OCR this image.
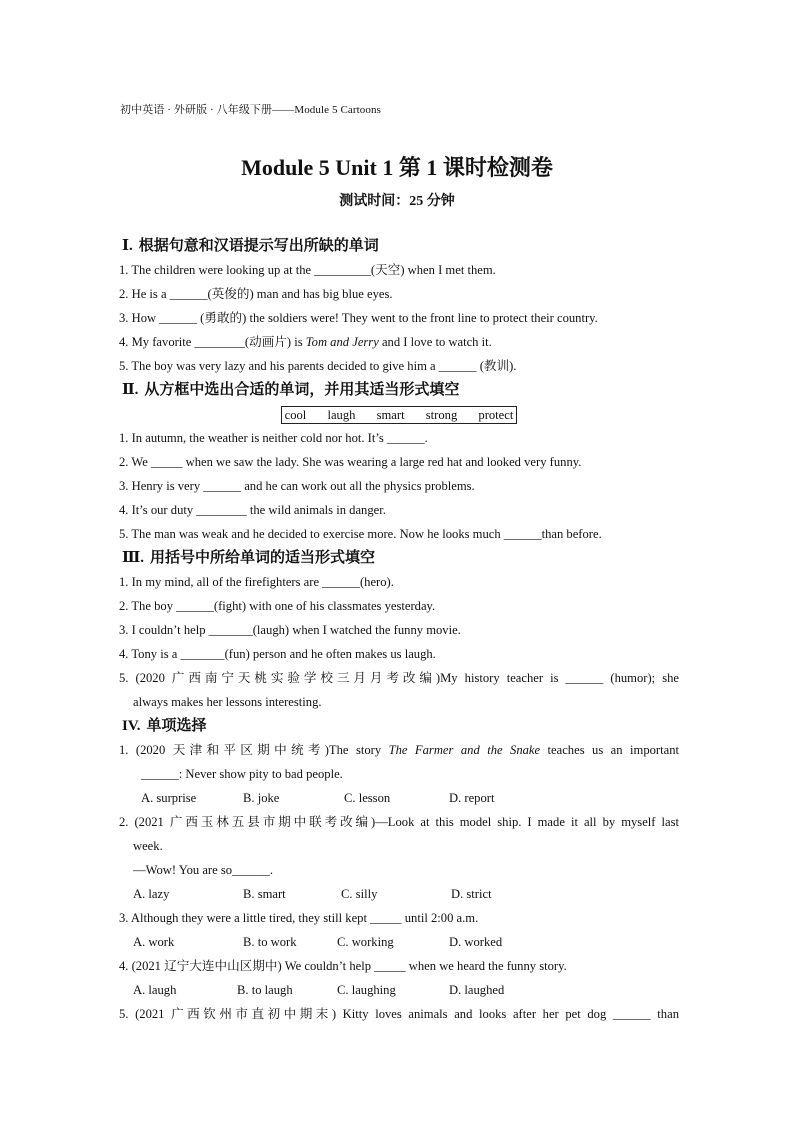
初中英语 · 外研版 · 八年级下册——Module 5 Cartoons
Module 5 Unit 1 第 1 课时检测卷
测试时间：25 分钟
Ⅰ. 根据句意和汉语提示写出所缺的单词
1. The children were looking up at the _________(天空) when I met them.
2. He is a ______(英俊的) man and has big blue eyes.
3. How ______ (勇敢的) the soldiers were! They went to the front line to protect their country.
4. My favorite ________(动画片) is Tom and Jerry and I love to watch it.
5. The boy was very lazy and his parents decided to give him a ______ (教训).
Ⅱ. 从方框中选出合适的单词，并用其适当形式填空
cool laugh smart strong protect
1. In autumn, the weather is neither cold nor hot. It’s ______.
2. We _____ when we saw the lady. She was wearing a large red hat and looked very funny.
3. Henry is very ______ and he can work out all the physics problems.
4. It’s our duty ________ the wild animals in danger.
5. The man was weak and he decided to exercise more. Now he looks much ______than before.
Ⅲ. 用括号中所给单词的适当形式填空
1. In my mind, all of the firefighters are ______(hero).
2. The boy ______(fight) with one of his classmates yesterday.
3. I couldn’t help _______(laugh) when I watched the funny movie.
4. Tony is a _______(fun) person and he often makes us laugh.
5. (2020 广西南宁天桃实验学校三月月考改编)My history teacher is ______ (humor); she
always makes her lessons interesting.
IV. 单项选择
1. (2020 天津和平区期中统考)The story The Farmer and the Snake teaches us an important
______: Never show pity to bad people.
A. surprise	B. joke	C. lesson	D. report
2. (2021 广西玉林五县市期中联考改编)—Look at this model ship. I made it all by myself last
week.
—Wow! You are so______.
A. lazy	B. smart	C. silly	D. strict
3. Although they were a little tired, they still kept _____ until 2:00 a.m.
A. work	B. to work	C. working	D. worked
4. (2021 辽宁大连中山区期中) We couldn’t help _____ when we heard the funny story.
A. laugh	B. to laugh	C. laughing	D. laughed
5. (2021 广西钦州市直初中期末) Kitty loves animals and looks after her pet dog ______ than
